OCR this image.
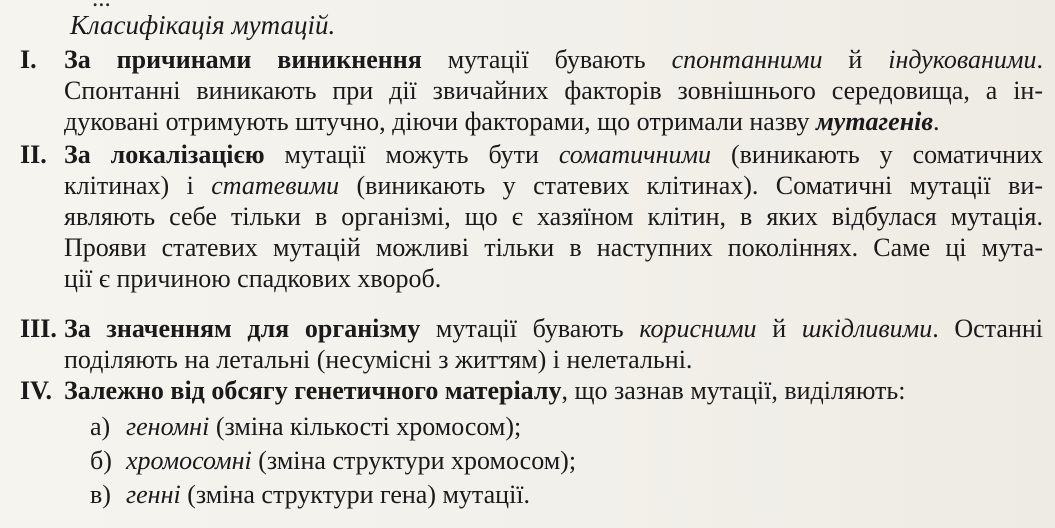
Класифікація мутацій.
I. За причинами виникнення мутації бувають спонтанними й індукованими.
Спонтанні виникають при дії звичайних факторів зовнішнього середовища, а ін-
дуковані отримують штучно, діючи факторами, що отримали назву мутагенів.
II. За локалізацією мутації можуть бути соматичними (виникають у соматичних
клітинах) і статевими (виникають у статевих клітинах). Соматичні мутації ви-
являють себе тільки в організмі, що є хазяїном клітин, в яких відбулася мутація.
Прояви статевих мутацій можливі тільки в наступних поколіннях. Саме ці мута-
ції є причиною спадкових хвороб.
III. За значенням для організму мутації бувають корисними й шкідливими. Останні
поділяють на летальні (несумісні з життям) і нелетальні.
IV. Залежно від обсягу генетичного матеріалу, що зазнав мутації, виділяють:
а) геномні (зміна кількості хромосом);
б) хромосомні (зміна структури хромосом);
в) генні (зміна структури гена) мутації.
